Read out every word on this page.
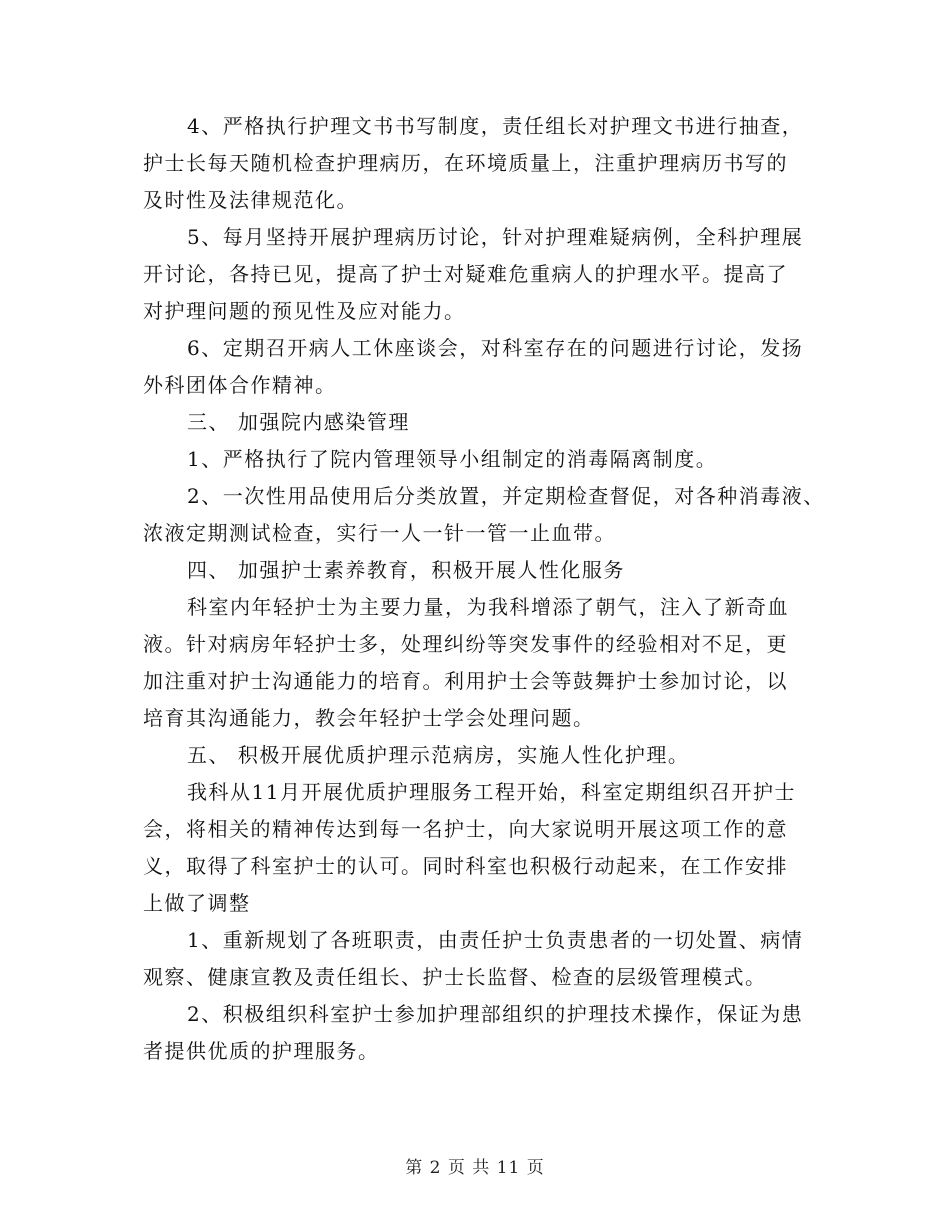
4、严格执行护理文书书写制度，责任组长对护理文书进行抽查，
护士长每天随机检查护理病历，在环境质量上，注重护理病历书写的
及时性及法律规范化。
5、每月坚持开展护理病历讨论，针对护理难疑病例，全科护理展
开讨论，各持已见，提高了护士对疑难危重病人的护理水平。提高了
对护理问题的预见性及应对能力。
6、定期召开病人工休座谈会，对科室存在的问题进行讨论，发扬
外科团体合作精神。
三、 加强院内感染管理
1、严格执行了院内管理领导小组制定的消毒隔离制度。
2、一次性用品使用后分类放置，并定期检查督促，对各种消毒液、
浓液定期测试检查，实行一人一针一管一止血带。
四、 加强护士素养教育，积极开展人性化服务
科室内年轻护士为主要力量，为我科增添了朝气，注入了新奇血
液。针对病房年轻护士多，处理纠纷等突发事件的经验相对不足，更
加注重对护士沟通能力的培育。利用护士会等鼓舞护士参加讨论，以
培育其沟通能力，教会年轻护士学会处理问题。
五、 积极开展优质护理示范病房，实施人性化护理。
我科从11月开展优质护理服务工程开始，科室定期组织召开护士
会，将相关的精神传达到每一名护士，向大家说明开展这项工作的意
义，取得了科室护士的认可。同时科室也积极行动起来，在工作安排
上做了调整
1、重新规划了各班职责，由责任护士负责患者的一切处置、病情
观察、健康宣教及责任组长、护士长监督、检查的层级管理模式。
2、积极组织科室护士参加护理部组织的护理技术操作，保证为患
者提供优质的护理服务。
第 2 页 共 11 页
